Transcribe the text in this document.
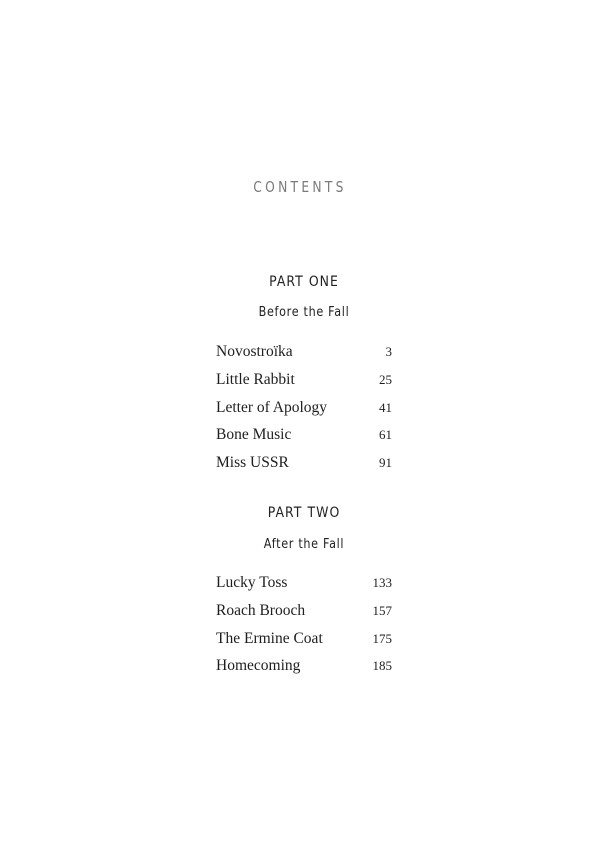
CONTENTS
PART ONE
Before the Fall
Novostroïka	3
Little Rabbit	25
Letter of Apology	41
Bone Music	61
Miss USSR	91
PART TWO
After the Fall
Lucky Toss	133
Roach Brooch	157
The Ermine Coat	175
Homecoming	185
